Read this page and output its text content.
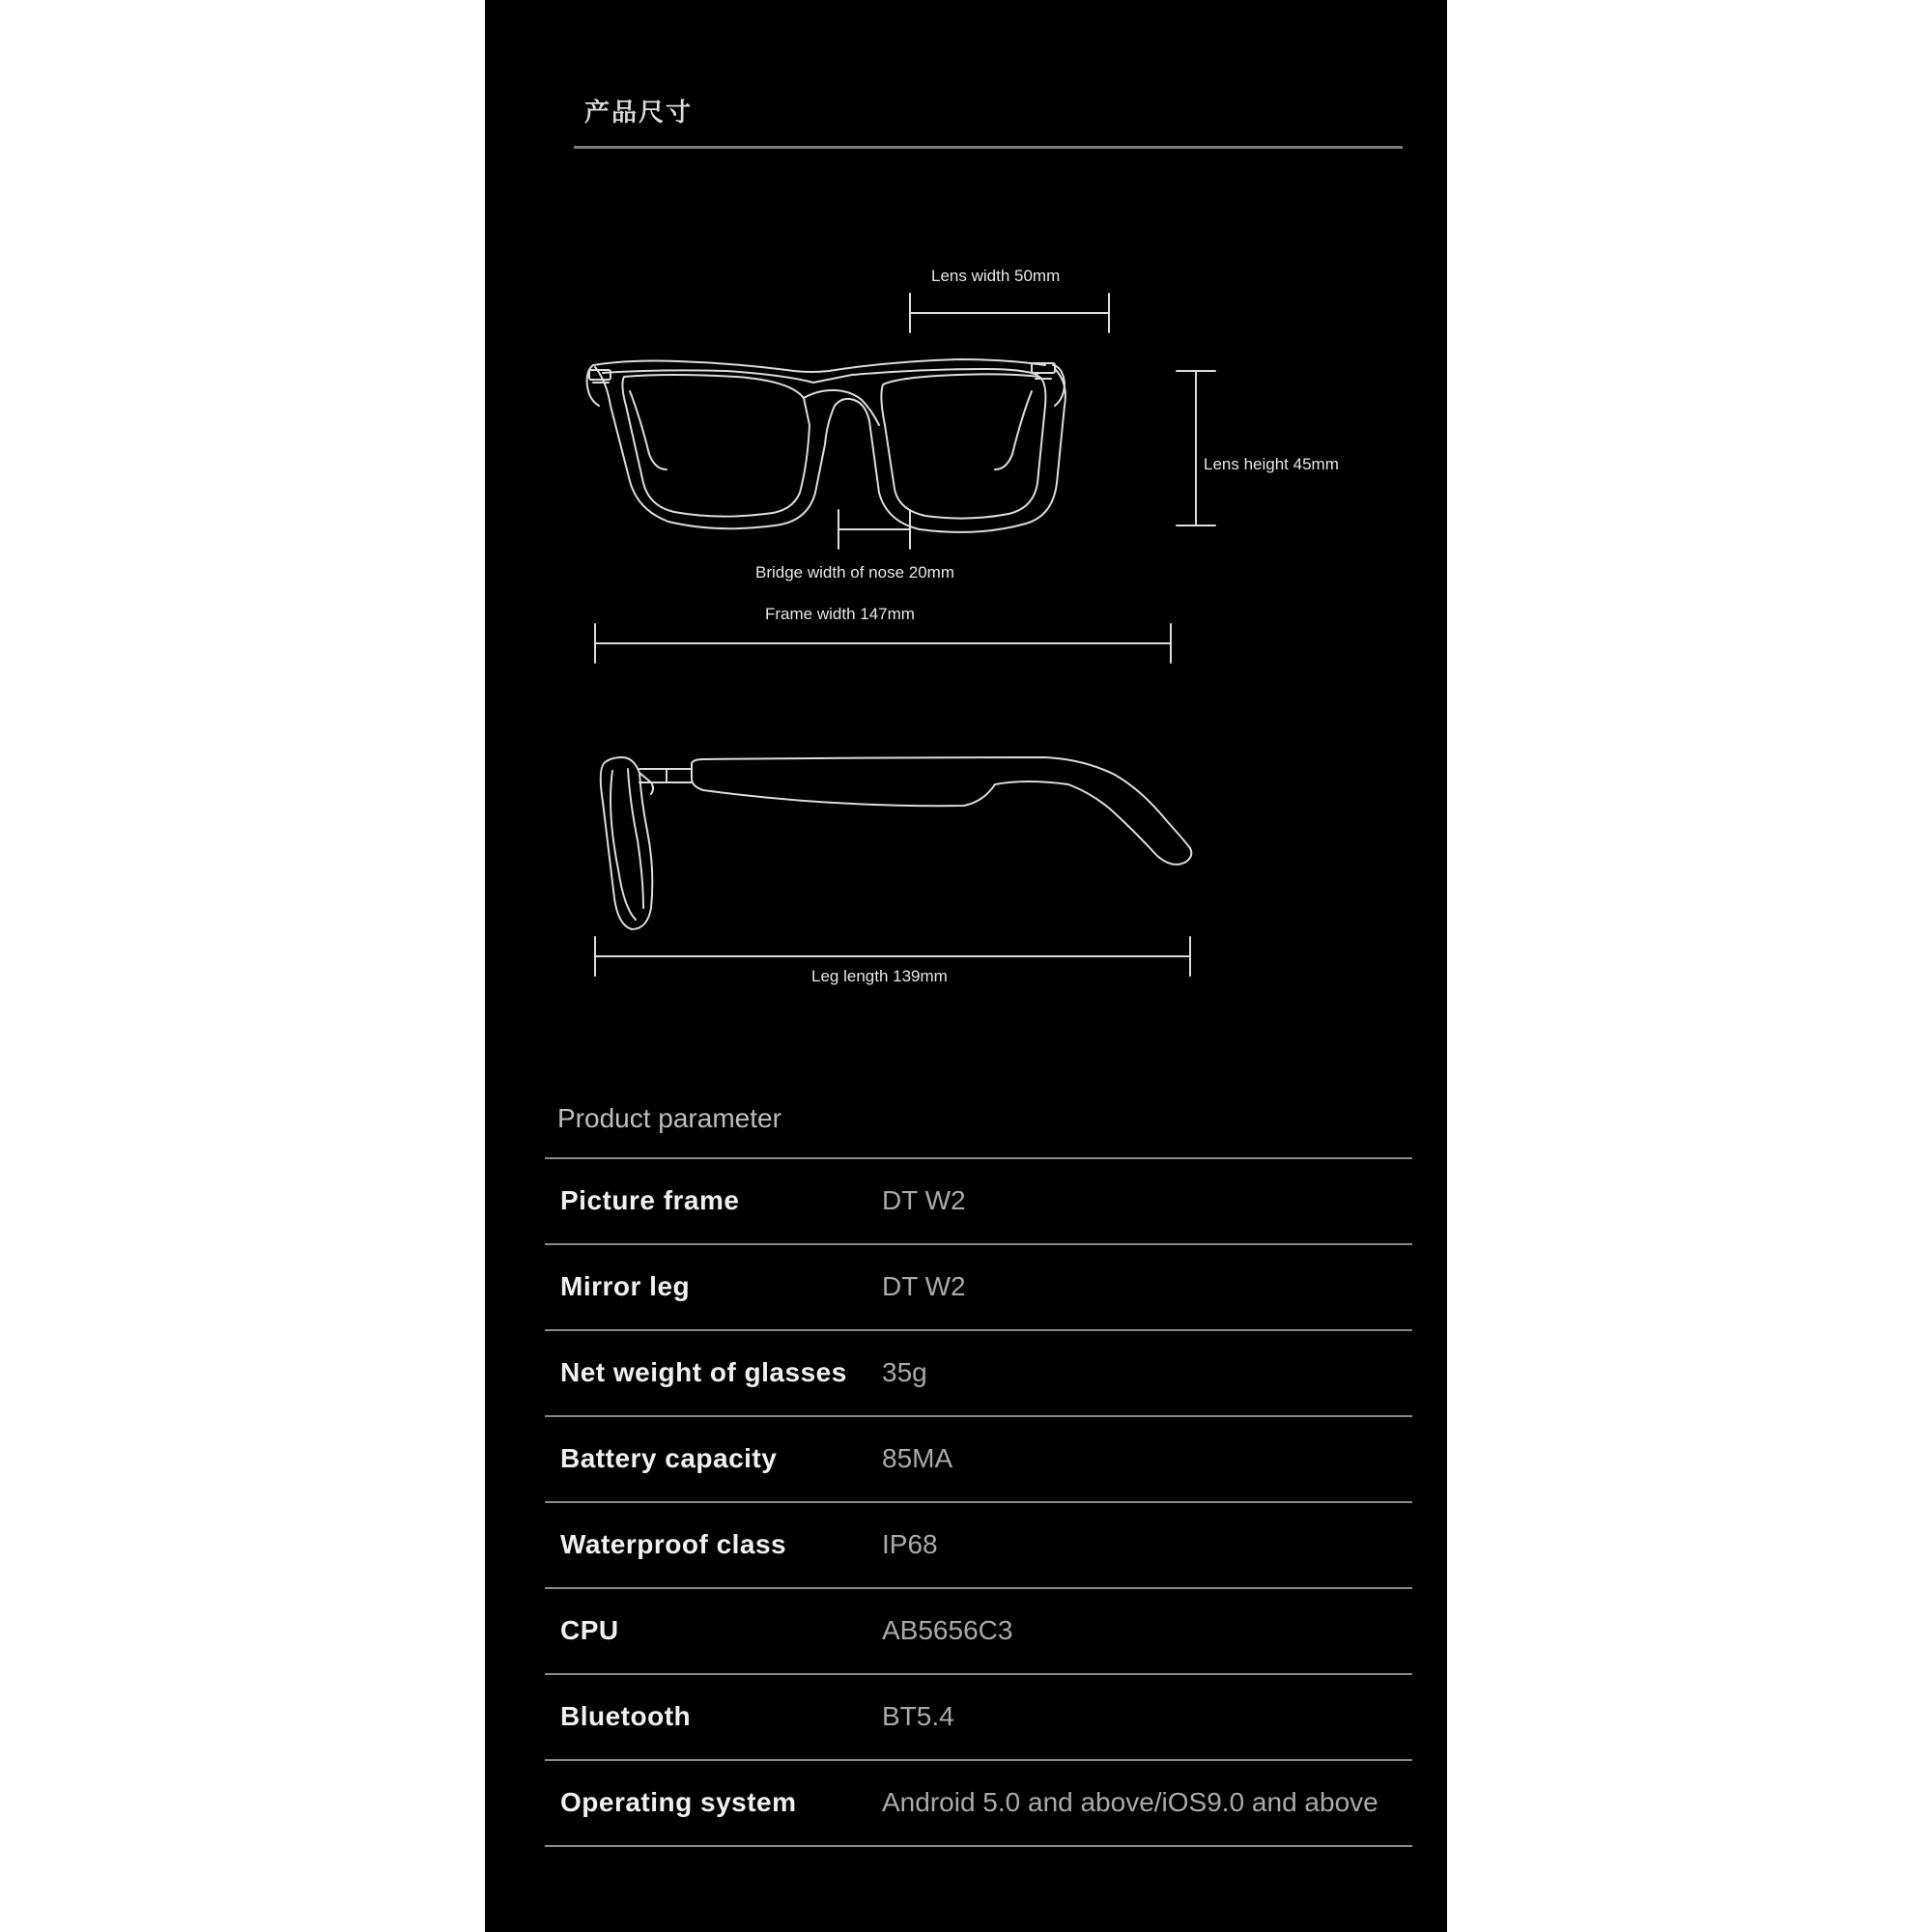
产品尺寸
Lens width 50mm
Lens height 45mm
Bridge width of nose 20mm
Frame width 147mm
Leg length 139mm
Product parameter
Picture frame	DT W2
Mirror leg	DT W2
Net weight of glasses 35g
Battery capacity	85MA
Waterproof class	IP68
CPU	AB5656C3
Bluetooth	BT5.4
Operating system	Android 5.0 and above/iOS9.0 and above
